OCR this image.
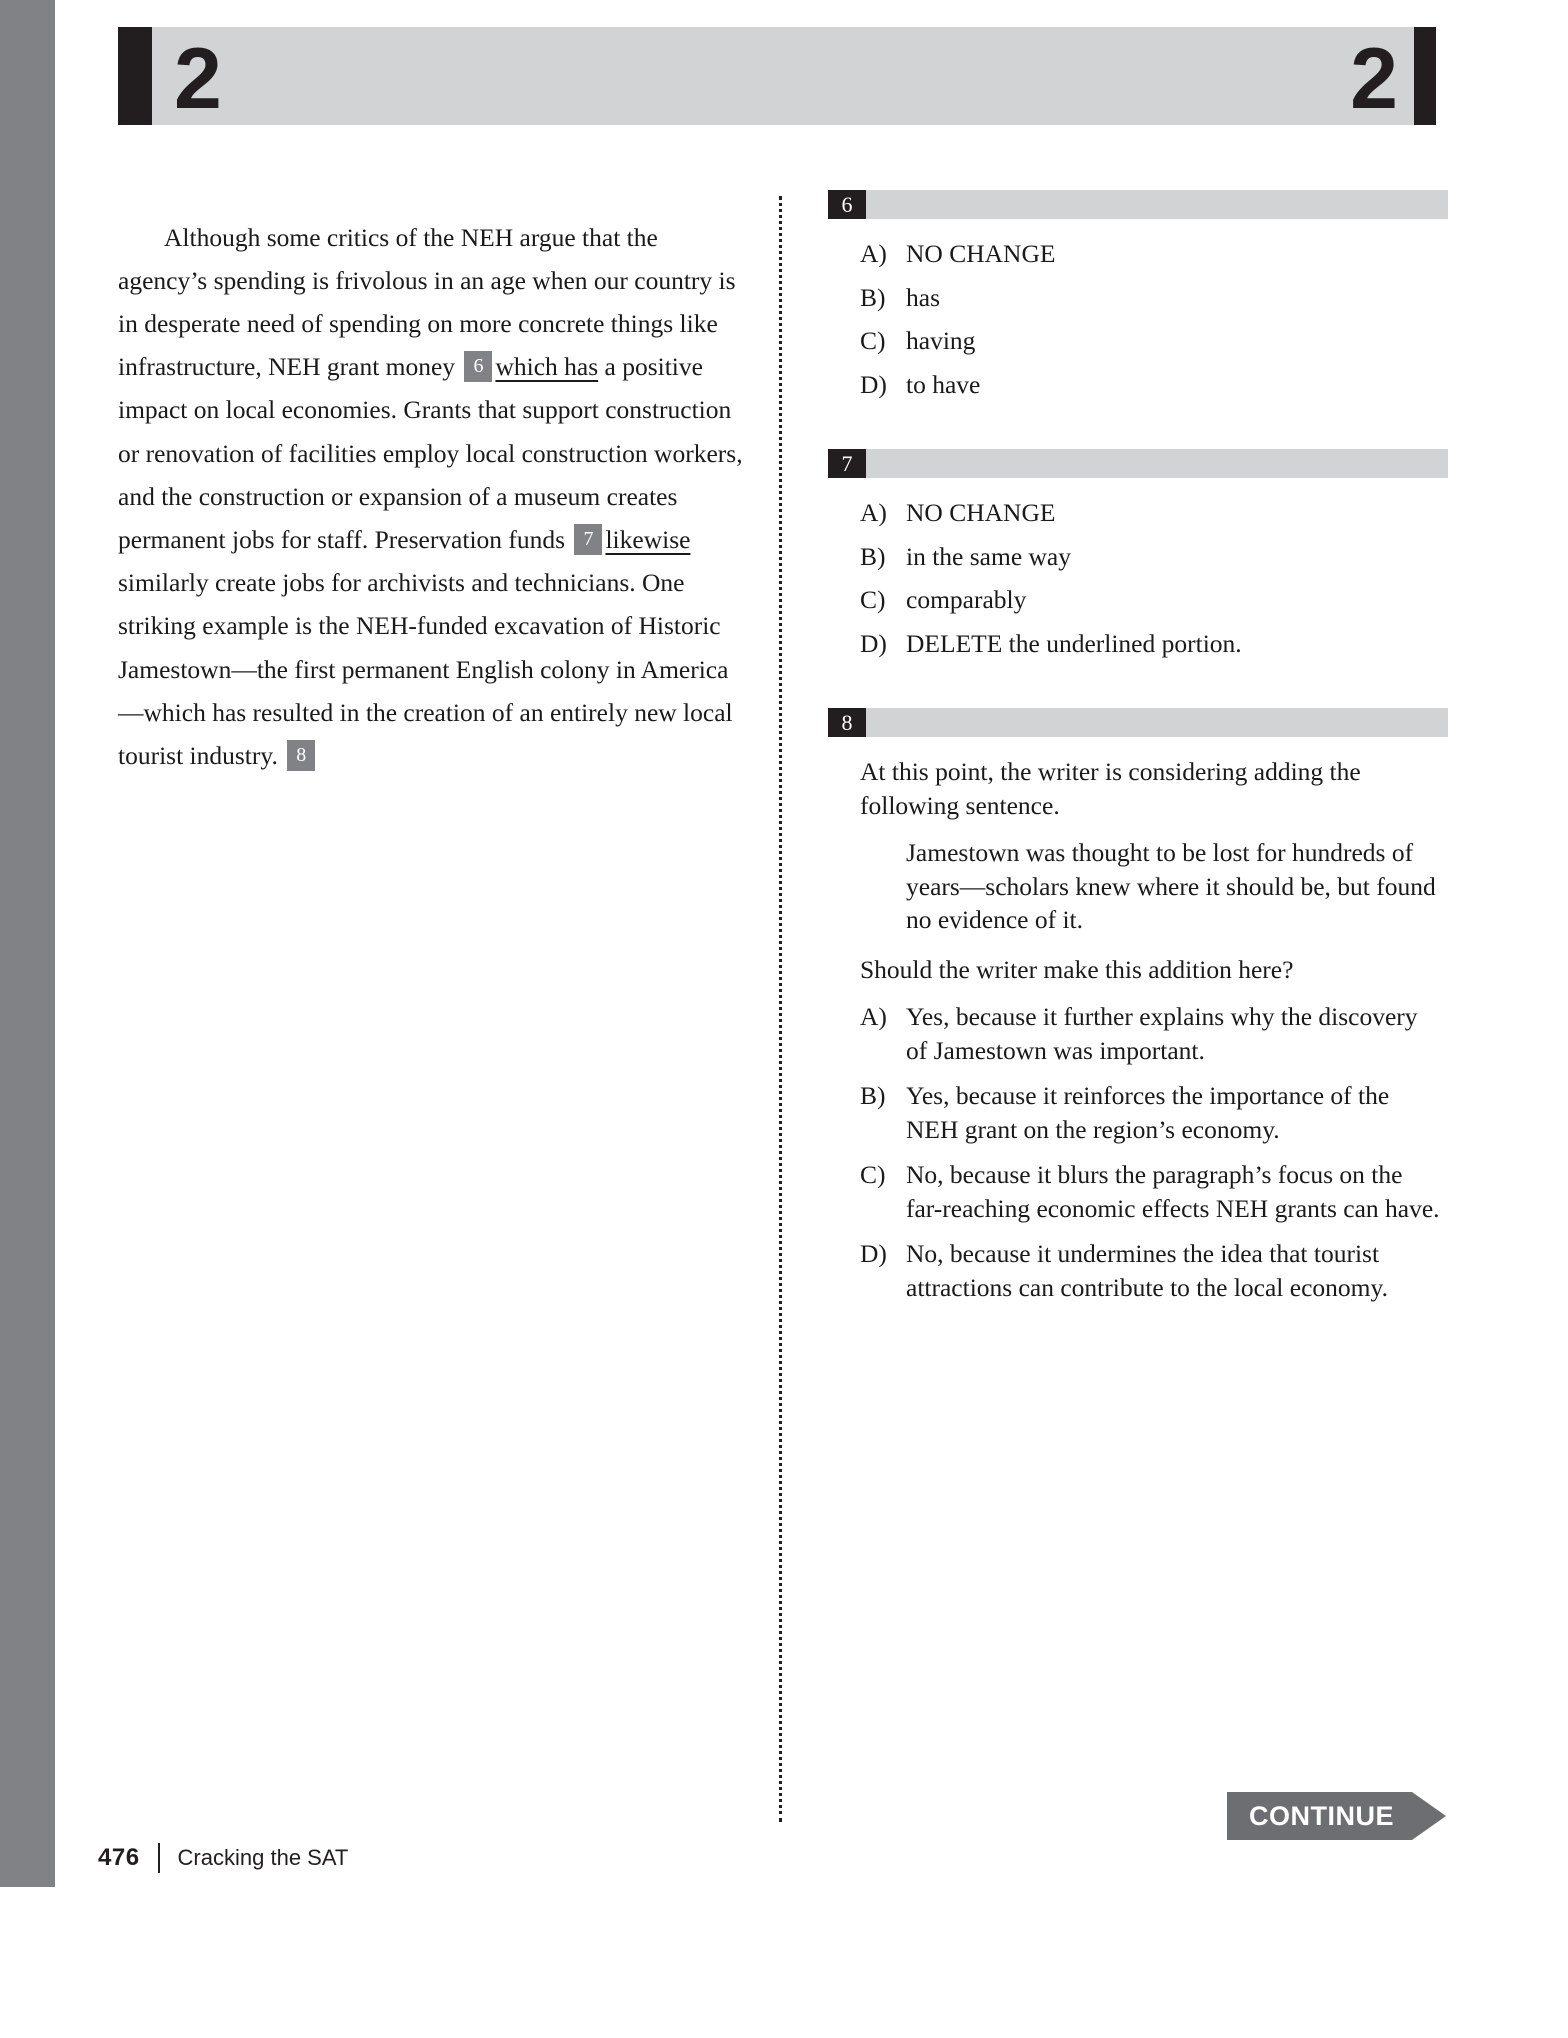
2	2

Although some critics of the NEH argue that the agency’s spending is frivolous in an age when our country is in desperate need of spending on more concrete things like infrastructure, NEH grant money 6 which has a positive impact on local economies. Grants that support construction or renovation of facilities employ local construction workers, and the construction or expansion of a museum creates permanent jobs for staff. Preservation funds 7 likewise similarly create jobs for archivists and technicians. One striking example is the NEH-funded excavation of Historic Jamestown—the first permanent English colony in America—which has resulted in the creation of an entirely new local tourist industry. 8

6
A) NO CHANGE
B) has
C) having
D) to have
7
A) NO CHANGE
B) in the same way
C) comparably
D) DELETE the underlined portion.
8

At this point, the writer is considering adding the following sentence.

Jamestown was thought to be lost for hundreds of years—scholars knew where it should be, but found no evidence of it.

Should the writer make this addition here?

A) Yes, because it further explains why the discovery of Jamestown was important.
B) Yes, because it reinforces the importance of the NEH grant on the region’s economy.
C) No, because it blurs the paragraph’s focus on the far-reaching economic effects NEH grants can have.
D) No, because it undermines the idea that tourist attractions can contribute to the local economy.
CONTINUE
476 Cracking the SAT
